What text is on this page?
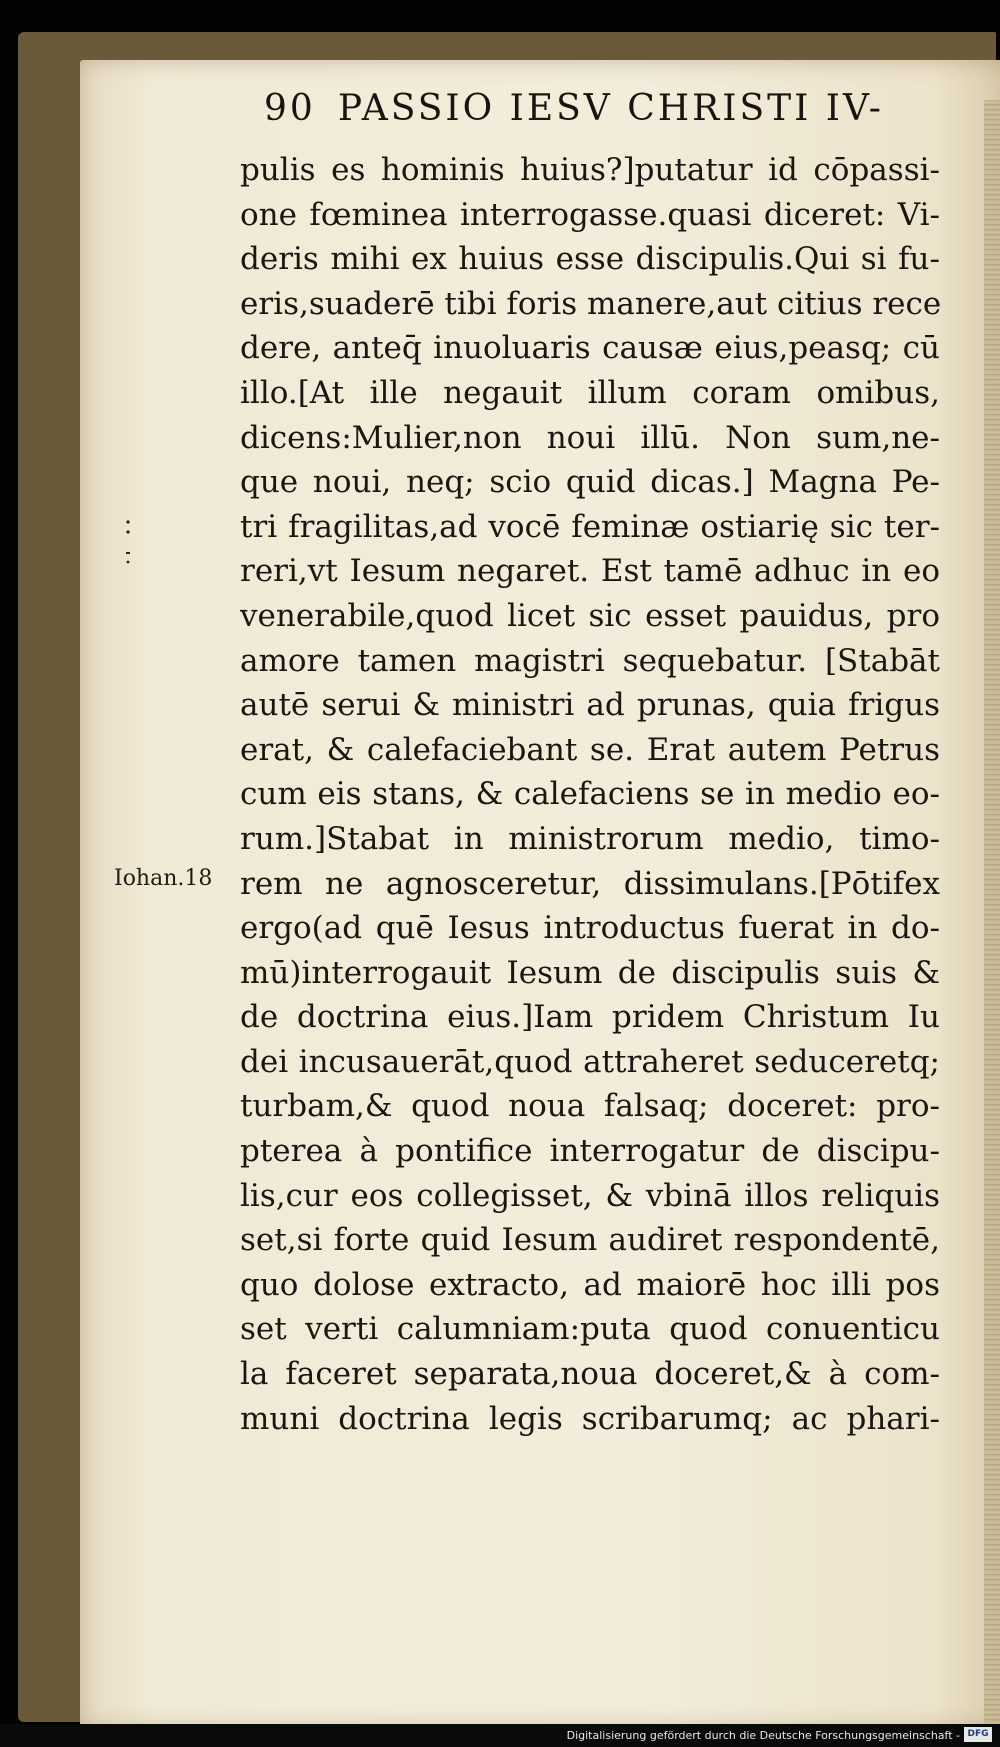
90 PASSIO IESV CHRISTI IV-
Iohan.18
pulis es hominis huius?]putatur id cōpassi-
one fœminea interrogasse.quasi diceret: Vi-
deris mihi ex huius esse discipulis.Qui si fu-
eris,suaderē tibi foris manere,aut citius rece
dere, anteq̄ inuoluaris causæ eius,peasq; cū
illo.[At ille negauit illum coram omibus,
dicens:Mulier,non noui illū. Non sum,ne-
que noui, neq; scio quid dicas.] Magna Pe-
tri fragilitas,ad vocē feminæ ostiarię sic ter-
reri,vt Iesum negaret. Est tamē adhuc in eo
venerabile,quod licet sic esset pauidus, pro
amore tamen magistri sequebatur. [Stabāt
autē serui & ministri ad prunas, quia frigus
erat, & calefaciebant se. Erat autem Petrus
cum eis stans, & calefaciens se in medio eo-
rum.]Stabat in ministrorum medio, timo-
rem ne agnosceretur, dissimulans.[Pōtifex
ergo(ad quē Iesus introductus fuerat in do-
mū)interrogauit Iesum de discipulis suis &
de doctrina eius.]Iam pridem Christum Iu
dei incusauerāt,quod attraheret seduceretq;
turbam,& quod noua falsaq; doceret: pro-
pterea à pontifice interrogatur de discipu-
lis,cur eos collegisset, & vbinā illos reliquis
set,si forte quid Iesum audiret respondentē,
quo dolose extracto, ad maiorē hoc illi pos
set verti calumniam:puta quod conuenticu
la faceret separata,noua doceret,& à com-
muni doctrina legis scribarumq; ac phari-
Digitalisierung gefördert durch die Deutsche Forschungsgemeinschaft - DFG
